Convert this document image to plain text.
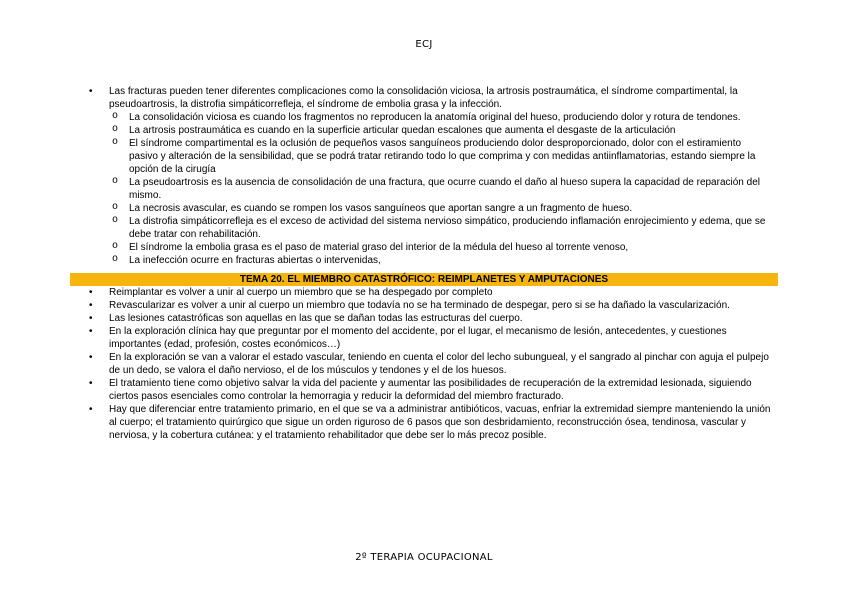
ECJ
• Las fracturas pueden tener diferentes complicaciones como la consolidación viciosa, la artrosis postraumática, el síndrome compartimental, la pseudoartrosis, la distrofia simpáticorrefleja, el síndrome de embolia grasa y la infección.
o La consolidación viciosa es cuando los fragmentos no reproducen la anatomía original del hueso, produciendo dolor y rotura de tendones.
o La artrosis postraumática es cuando en la superficie articular quedan escalones que aumenta el desgaste de la articulación
o El síndrome compartimental es la oclusión de pequeños vasos sanguíneos produciendo dolor desproporcionado, dolor con el estiramiento pasivo y alteración de la sensibilidad, que se podrá tratar retirando todo lo que comprima y con medidas antiinflamatorias, estando siempre la opción de la cirugía
o La pseudoartrosis es la ausencia de consolidación de una fractura, que ocurre cuando el daño al hueso supera la capacidad de reparación del mismo.
o La necrosis avascular, es cuando se rompen los vasos sanguíneos que aportan sangre a un fragmento de hueso.
o La distrofia simpáticorrefleja es el exceso de actividad del sistema nervioso simpático, produciendo inflamación enrojecimiento y edema, que se debe tratar con rehabilitación.
o El síndrome la embolia grasa es el paso de material graso del interior de la médula del hueso al torrente venoso,
o La inefección ocurre en fracturas abiertas o intervenidas,
TEMA 20. EL MIEMBRO CATASTRÓFICO: REIMPLANETES Y AMPUTACIONES
• Reimplantar es volver a unir al cuerpo un miembro que se ha despegado por completo
• Revascularizar es volver a unir al cuerpo un miembro que todavía no se ha terminado de despegar, pero si se ha dañado la vascularización.
• Las lesiones catastróficas son aquellas en las que se dañan todas las estructuras del cuerpo.
• En la exploración clínica hay que preguntar por el momento del accidente, por el lugar, el mecanismo de lesión, antecedentes, y cuestiones importantes (edad, profesión, costes económicos…)
• En la exploración se van a valorar el estado vascular, teniendo en cuenta el color del lecho subungueal, y el sangrado al pinchar con aguja el pulpejo de un dedo, se valora el daño nervioso, el de los músculos y tendones y el de los huesos.
• El tratamiento tiene como objetivo salvar la vida del paciente y aumentar las posibilidades de recuperación de la extremidad lesionada, siguiendo ciertos pasos esenciales como controlar la hemorragia y reducir la deformidad del miembro fracturado.
• Hay que diferenciar entre tratamiento primario, en el que se va a administrar antibióticos, vacuas, enfriar la extremidad siempre manteniendo la unión al cuerpo; el tratamiento quirúrgico que sigue un orden riguroso de 6 pasos que son desbridamiento, reconstrucción ósea, tendinosa, vascular y nerviosa, y la cobertura cutánea: y el tratamiento rehabilitador que debe ser lo más precoz posible.
2º TERAPIA OCUPACIONAL
